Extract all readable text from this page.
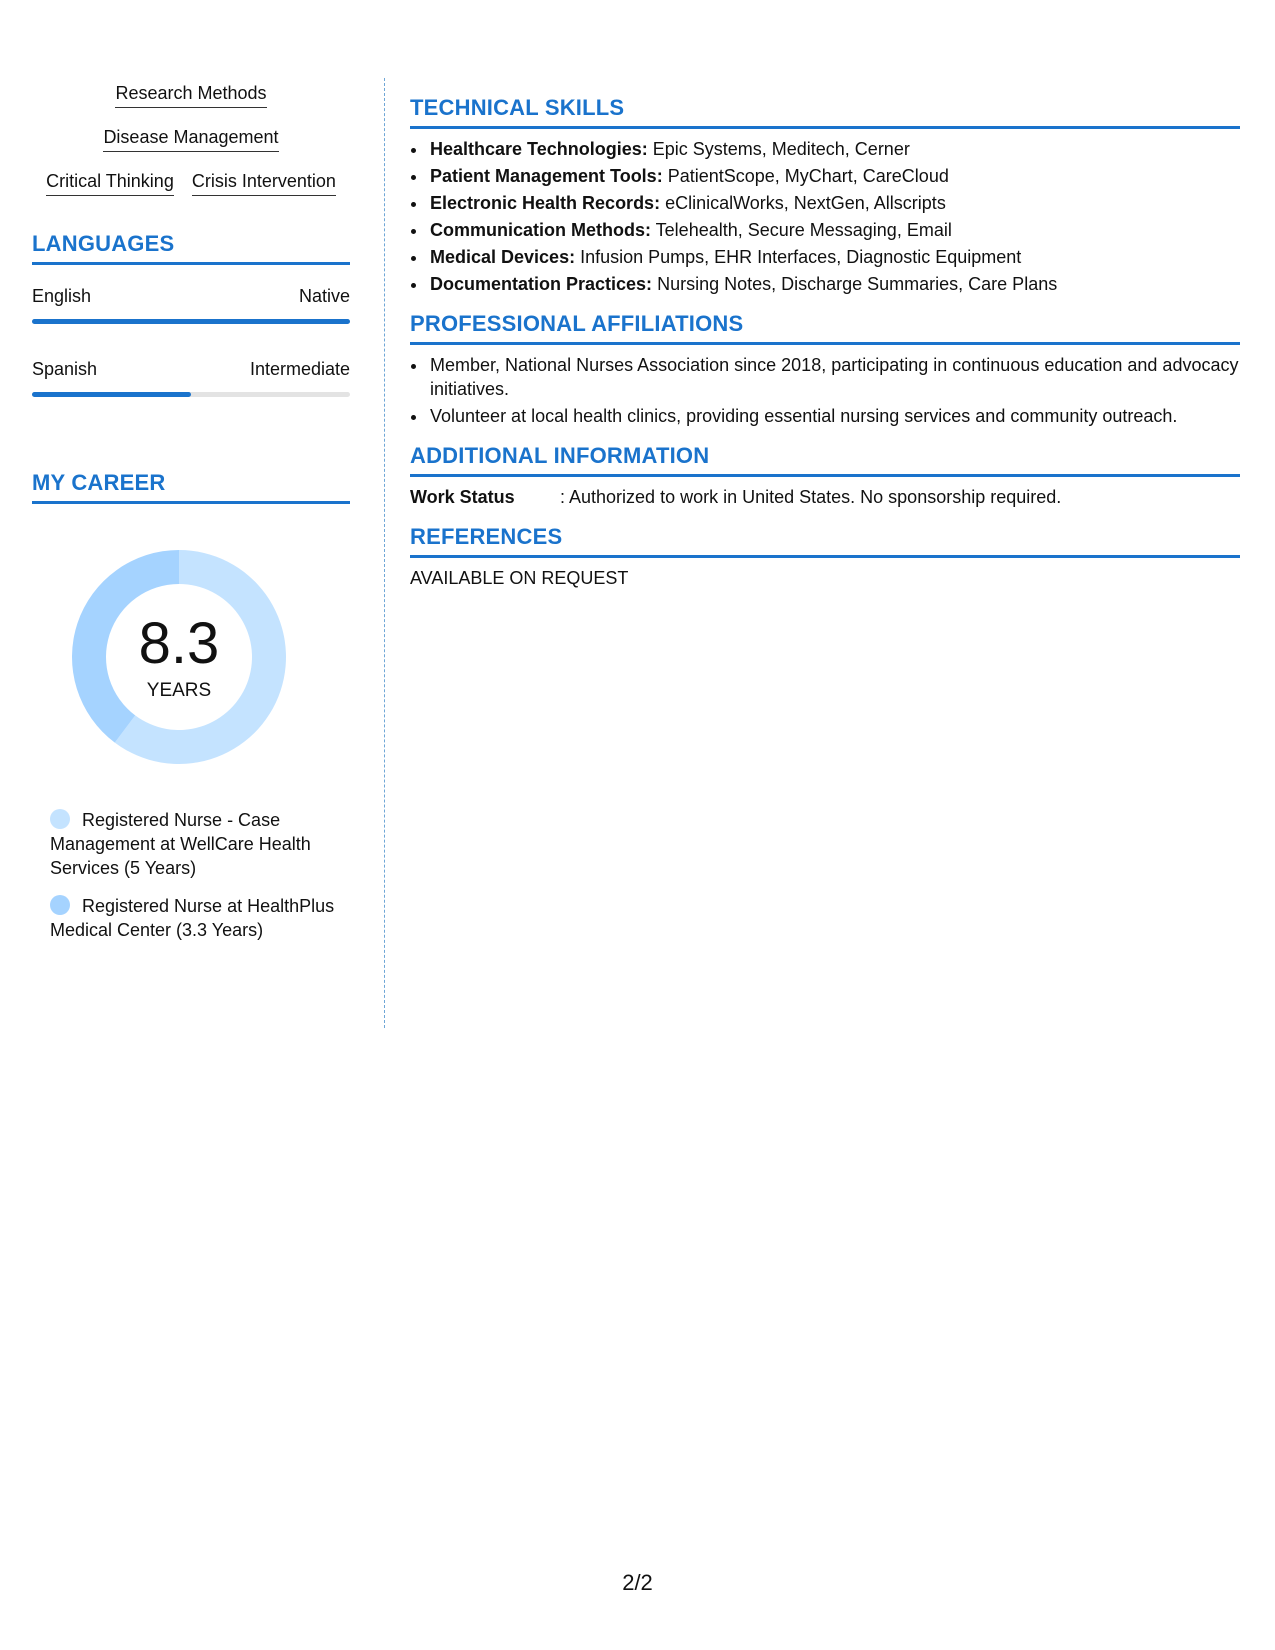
Research Methods
Disease Management
Critical Thinking Crisis Intervention
LANGUAGES
English	Native
Spanish	Intermediate
MY CAREER
8.3
YEARS
Registered Nurse - Case Management at WellCare Health Services (5 Years)
Registered Nurse at HealthPlus Medical Center (3.3 Years)
TECHNICAL SKILLS
• Healthcare Technologies: Epic Systems, Meditech, Cerner
• Patient Management Tools: PatientScope, MyChart, CareCloud
• Electronic Health Records: eClinicalWorks, NextGen, Allscripts
• Communication Methods: Telehealth, Secure Messaging, Email
• Medical Devices: Infusion Pumps, EHR Interfaces, Diagnostic Equipment
• Documentation Practices: Nursing Notes, Discharge Summaries, Care Plans
PROFESSIONAL AFFILIATIONS
• Member, National Nurses Association since 2018, participating in continuous education and advocacy initiatives.
• Volunteer at local health clinics, providing essential nursing services and community outreach.
ADDITIONAL INFORMATION
Work Status	: Authorized to work in United States. No sponsorship required.
REFERENCES
AVAILABLE ON REQUEST
2/2
